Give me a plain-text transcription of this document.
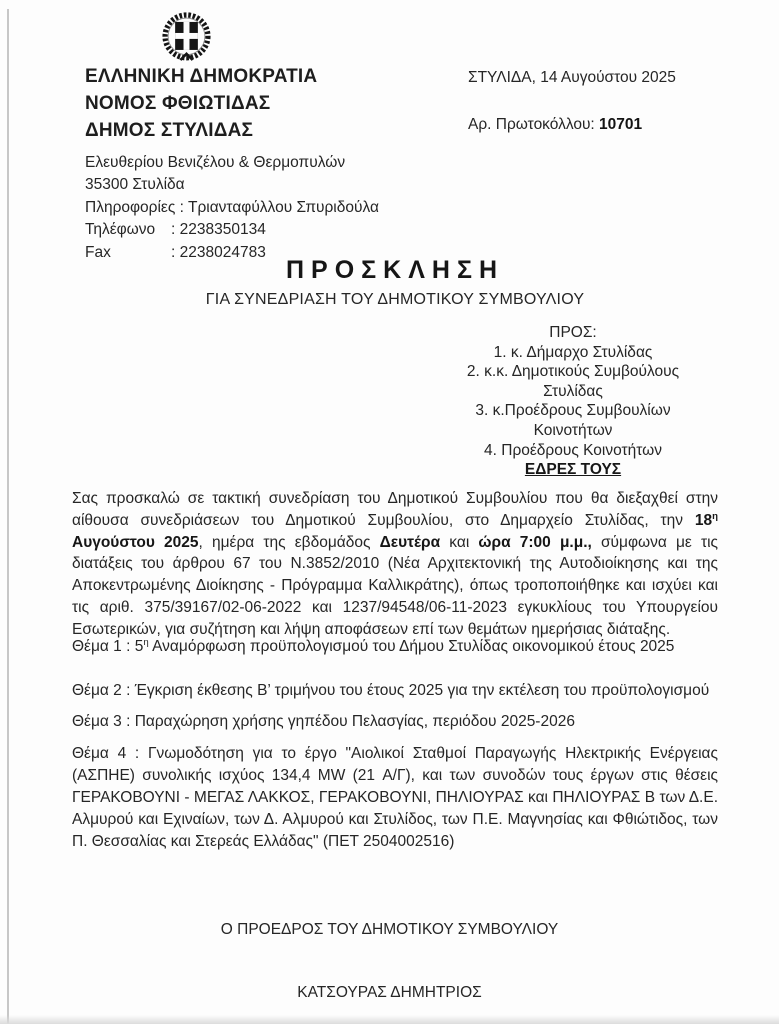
ΕΛΛΗΝΙΚΗ ΔΗΜΟΚΡΑΤΙΑ
ΝΟΜΟΣ ΦΘΙΩΤΙΔΑΣ
ΔΗΜΟΣ ΣΤΥΛΙΔΑΣ
ΣΤΥΛΙΔΑ, 14 Αυγούστου 2025
Αρ. Πρωτοκόλλου: 10701
Ελευθερίου Βενιζέλου & Θερμοπυλών
35300 Στυλίδα
Πληροφορίες : Τριανταφύλλου Σπυριδούλα
Τηλέφωνο : 2238350134
Fax	: 2238024783
ΠΡΟΣΚΛΗΣΗ
ΓΙΑ ΣΥΝΕΔΡΙΑΣΗ ΤΟΥ ΔΗΜΟΤΙΚΟΥ ΣΥΜΒΟΥΛΙΟΥ
ΠΡΟΣ:
1. κ. Δήμαρχο Στυλίδας
2. κ.κ. Δημοτικούς Συμβούλους
Στυλίδας
3. κ.Προέδρους Συμβουλίων
Κοινοτήτων
4. Προέδρους Κοινοτήτων
ΕΔΡΕΣ ΤΟΥΣ

Σας προσκαλώ σε τακτική συνεδρίαση του Δημοτικού Συμβουλίου που θα διεξαχθεί στην αίθουσα συνεδριάσεων του Δημοτικού Συμβουλίου, στο Δημαρχείο Στυλίδας, την $18^\eta$ Αυγούστου 2025, ημέρα της εβδομάδος Δευτέρα και ώρα 7:00 μ.μ., σύμφωνα με τις διατάξεις του άρθρου 67 του Ν.3852/2010 (Νέα Αρχιτεκτονική της Αυτοδιοίκησης και της Αποκεντρωμένης Διοίκησης - Πρόγραμμα Καλλικράτης), όπως τροποποιήθηκε και ισχύει και τις αριθ. 375/39167/02-06-2022 και 1237/94548/06-11-2023 εγκυκλίους του Υπουργείου Εσωτερικών, για συζήτηση και λήψη αποφάσεων επί των θεμάτων ημερήσιας διάταξης.

Θέμα 1 : $5^\eta$ Αναμόρφωση προϋπολογισμού του Δήμου Στυλίδας οικονομικού έτους 2025

Θέμα 2 : Έγκριση έκθεσης Β’ τριμήνου του έτους 2025 για την εκτέλεση του προϋπολογισμού

Θέμα 3 : Παραχώρηση χρήσης γηπέδου Πελασγίας, περιόδου 2025-2026

Θέμα 4 : Γνωμοδότηση για το έργο "Αιολικοί Σταθμοί Παραγωγής Ηλεκτρικής Ενέργειας (ΑΣΠΗΕ) συνολικής ισχύος 134,4 MW (21 Α/Γ), και των συνοδών τους έργων στις θέσεις ΓΕΡΑΚΟΒΟΥΝΙ - ΜΕΓΑΣ ΛΑΚΚΟΣ, ΓΕΡΑΚΟΒΟΥΝΙ, ΠΗΛΙΟΥΡΑΣ και ΠΗΛΙΟΥΡΑΣ Β των Δ.Ε. Αλμυρού και Εχιναίων, των Δ. Αλμυρού και Στυλίδος, των Π.Ε. Μαγνησίας και Φθιώτιδος, των Π. Θεσσαλίας και Στερεάς Ελλάδας" (ΠΕΤ 2504002516)

Ο ΠΡΟΕΔΡΟΣ ΤΟΥ ΔΗΜΟΤΙΚΟΥ ΣΥΜΒΟΥΛΙΟΥ
ΚΑΤΣΟΥΡΑΣ ΔΗΜΗΤΡΙΟΣ
